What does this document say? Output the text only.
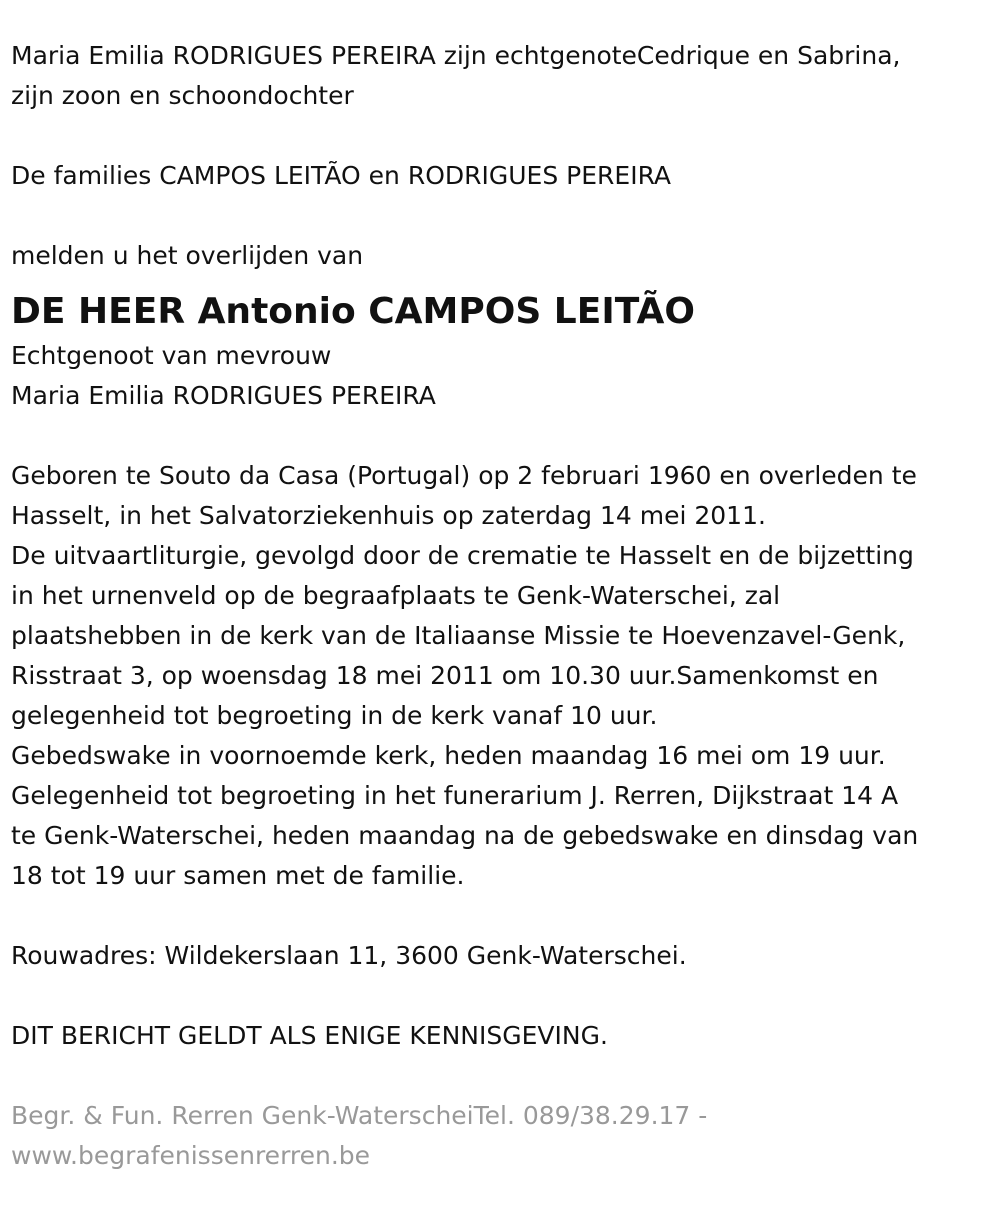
Maria Emilia RODRIGUES PEREIRA zijn echtgenoteCedrique en Sabrina,

zijn zoon en schoondochter

De families CAMPOS LEITÃO en RODRIGUES PEREIRA

melden u het overlijden van

DE HEER Antonio CAMPOS LEITÃO

Echtgenoot van mevrouw

Maria Emilia RODRIGUES PEREIRA

Geboren te Souto da Casa (Portugal) op 2 februari 1960 en overleden te

Hasselt, in het Salvatorziekenhuis op zaterdag 14 mei 2011.

De uitvaartliturgie, gevolgd door de crematie te Hasselt en de bijzetting

in het urnenveld op de begraafplaats te Genk-Waterschei, zal

plaatshebben in de kerk van de Italiaanse Missie te Hoevenzavel-Genk,

Risstraat 3, op woensdag 18 mei 2011 om 10.30 uur.Samenkomst en

gelegenheid tot begroeting in de kerk vanaf 10 uur.

Gebedswake in voornoemde kerk, heden maandag 16 mei om 19 uur.

Gelegenheid tot begroeting in het funerarium J. Rerren, Dijkstraat 14 A

te Genk-Waterschei, heden maandag na de gebedswake en dinsdag van

18 tot 19 uur samen met de familie.

Rouwadres: Wildekerslaan 11, 3600 Genk-Waterschei.

DIT BERICHT GELDT ALS ENIGE KENNISGEVING.

Begr. & Fun. Rerren Genk-WaterscheiTel. 089/38.29.17 -

www.begrafenissenrerren.be
